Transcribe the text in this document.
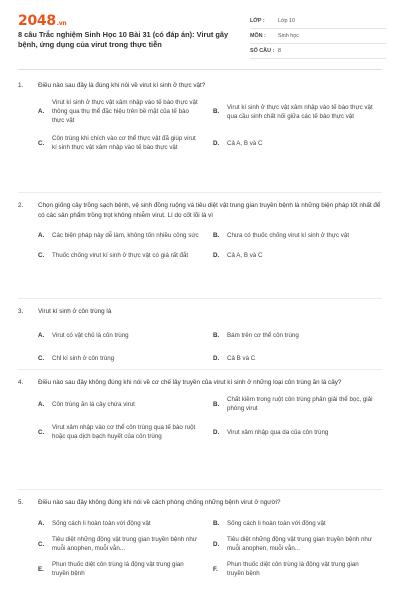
2048.vn
8 câu Trắc nghiệm Sinh Học 10 Bài 31 (có đáp án): Virut gây bệnh, ứng dụng của virut trong thực tiễn
LỚP :	Lớp 10
MÔN :	Sinh học
SỐ CÂU : 8
1.	Điều nào sau đây là đúng khi nói về virut kí sinh ở thực vật?
A.
Virut kí sinh ở thực vật xâm nhập vào tế bào thực vật thông qua thụ thể đặc hiệu trên bề mặt của tế bào thực vật
B.
Virut kí sinh ở thực vật xâm nhập vào tế bào thực vật qua cầu sinh chất nối giữa các tế bào thực vật
C.
Côn trùng khi chích vào cơ thể thực vật đã giúp virut kí sinh thực vật xâm nhập vào tế bào thực vật
D.	Cả A, B và C
2.	Chọn giống cây trồng sạch bệnh, vệ sinh đồng ruộng và tiêu diệt vật trung gian truyền bệnh là những biện pháp tốt nhất để có các sản phẩm trồng trọt không nhiễm virut. Lí do cốt lõi là vì
A.	Các biện pháp này dễ làm, không tốn nhiều công sức	B.	Chưa có thuốc chống virut kí sinh ở thực vật
C.	Thuốc chống virut kí sinh ở thực vật có giá rất đắt	D.	Cả A, B và C
3.	Virut kí sinh ở côn trùng là
A.	Virut có vật chủ là côn trùng	B.	Bám trên cơ thể côn trùng
C.	Chỉ kí sinh ở côn trùng	D.	Cả B và C
4.	Điều nào sau đây không đúng khi nói về cơ chế lây truyền của virut kí sinh ở những loại côn trùng ăn lá cây?
A.	Côn trùng ăn lá cây chứa virut	B.
Chất kiềm trong ruột côn trùng phân giải thể bọc, giải phóng virut
C.
Virut xâm nhập vào cơ thể côn trùng qua tế bào ruột hoặc qua dịch bạch huyết của côn trùng
D.	Virut xâm nhập qua da của côn trùng
5.	Điều nào sau đây không đúng khi nói về cách phòng chống những bệnh virut ở người?
A.	Sống cách li hoàn toàn với động vật	B.	Sống cách li hoàn toàn với động vật
C.
Tiêu diệt những động vật trung gian truyền bệnh như muỗi anophen, muỗi vằn...
D.
Tiêu diệt những động vật trung gian truyền bệnh như muỗi anophen, muỗi vằn...
E.
Phun thuốc diệt côn trùng lá động vật trung gian truyền bệnh
F.
Phun thuốc diệt côn trùng lá động vật trung gian truyền bệnh
